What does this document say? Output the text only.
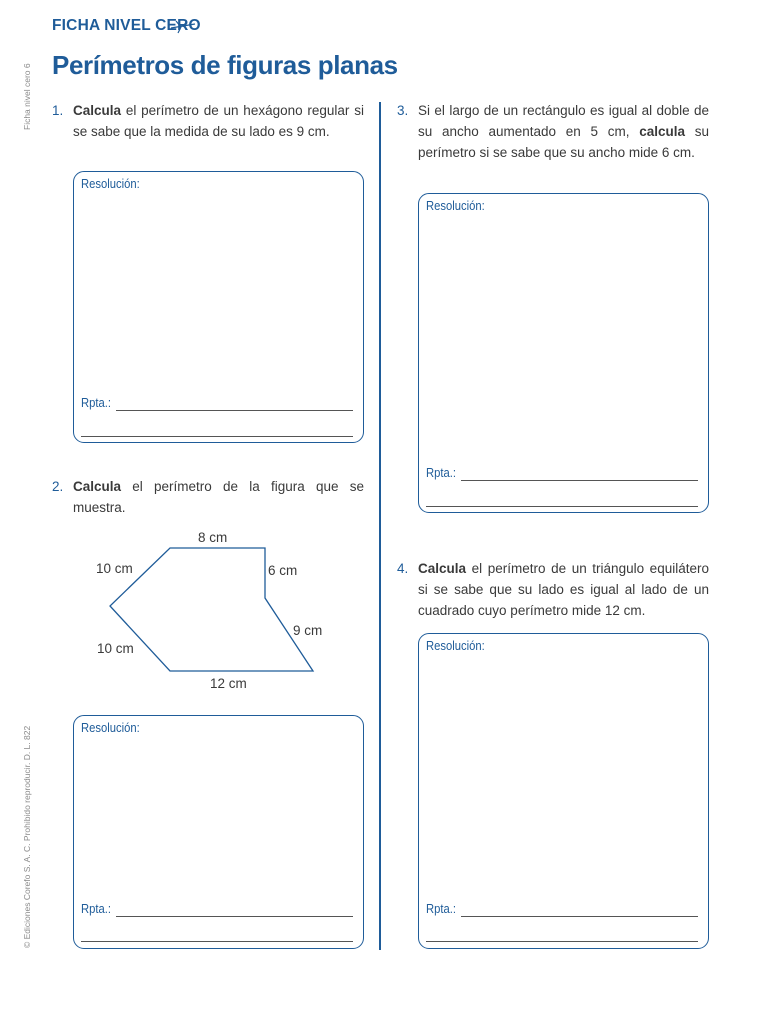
Ficha nivel cero 6
© Ediciones Corefo S. A. C. Prohibido reproducir. D. L. 822
FICHA NIVEL CERO
Perímetros de figuras planas
1. Calcula el perímetro de un hexágono regular si se sabe que la medida de su lado es 9 cm.
Resolución:
Rpta.:
2. Calcula el perímetro de la figura que se muestra.
8 cm
10 cm	6 cm
9 cm
10 cm
12 cm
Resolución:
Rpta.:
3. Si el largo de un rectángulo es igual al doble de su ancho aumentado en 5 cm, calcula su perímetro si se sabe que su ancho mide 6 cm.
Resolución:
Rpta.:
4. Calcula el perímetro de un triángulo equilátero si se sabe que su lado es igual al lado de un cuadrado cuyo perímetro mide 12 cm.
Resolución:
Rpta.:
